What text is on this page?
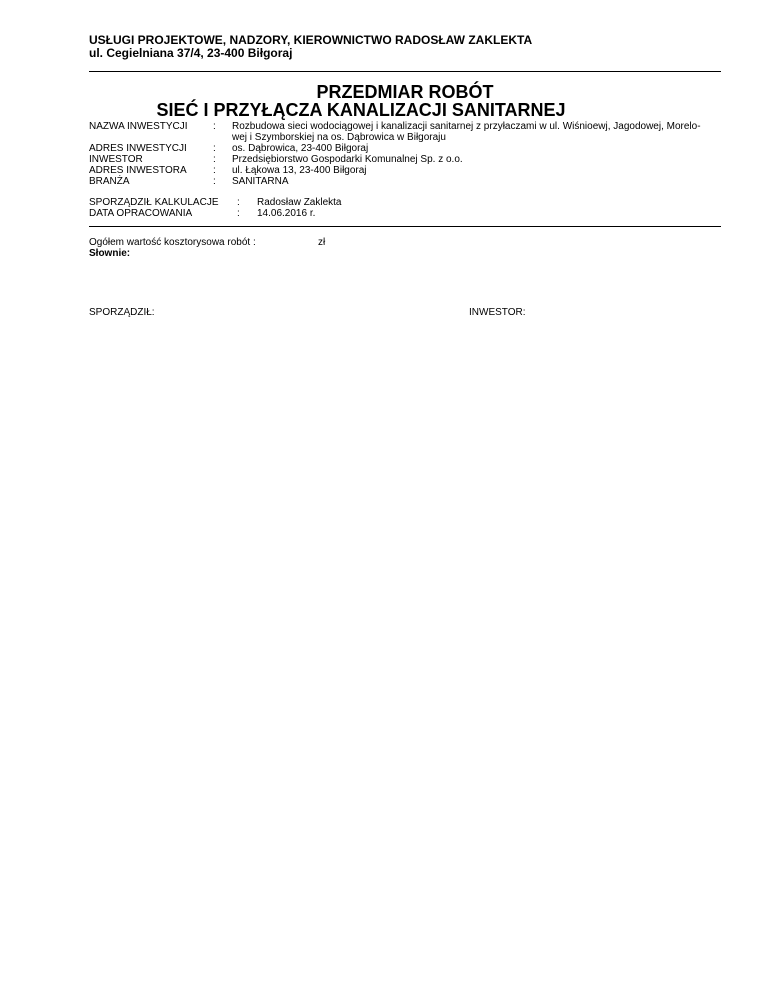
USŁUGI PROJEKTOWE, NADZORY, KIEROWNICTWO RADOSŁAW ZAKLEKTA
ul. Cegielniana 37/4, 23-400 Biłgoraj
PRZEDMIAR ROBÓT
SIEĆ I PRZYŁĄCZA KANALIZACJI SANITARNEJ
NAZWA INWESTYCJI	: Rozbudowa sieci wodociągowej i kanalizacji sanitarnej z przyłaczami w ul. Wiśnioewj, Jagodowej, Morelo-
wej i Szymborskiej na os. Dąbrowica w Biłgoraju
ADRES INWESTYCJI	: os. Dąbrowica, 23-400 Biłgoraj
INWESTOR	: Przedsiębiorstwo Gospodarki Komunalnej Sp. z o.o.
ADRES INWESTORA	: ul. Łąkowa 13, 23-400 Biłgoraj
BRANŻA	: SANITARNA
SPORZĄDZIŁ KALKULACJE : Radosław Zaklekta
DATA OPRACOWANIA	: 14.06.2016 r.
Ogółem wartość kosztorysowa robót :	zł
Słownie:
SPORZĄDZIŁ:	INWESTOR:
